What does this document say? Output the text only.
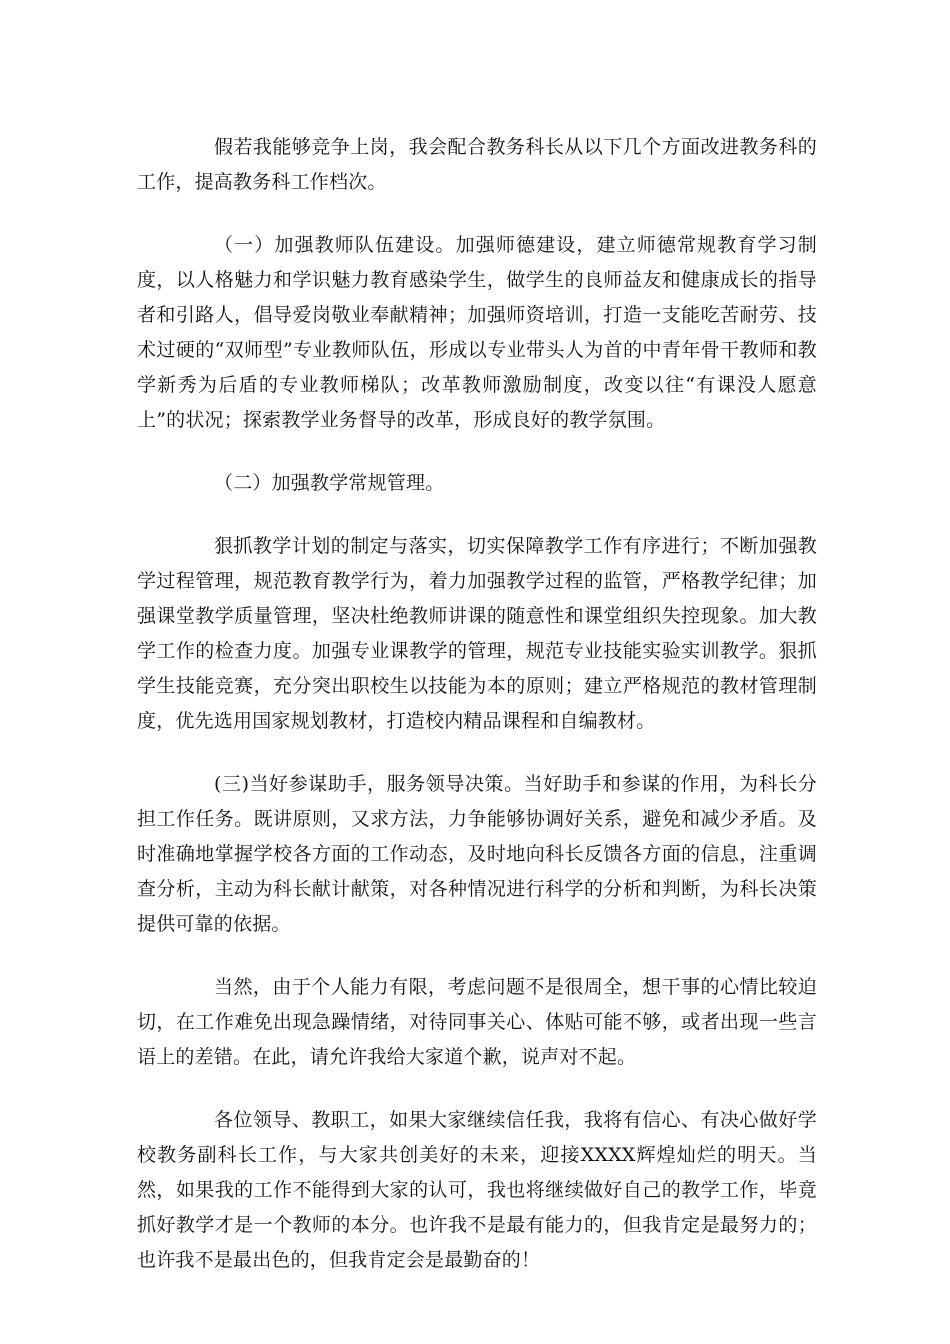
假若我能够竞争上岗，我会配合教务科长从以下几个方面改进教务科的工作，提高教务科工作档次。

（一）加强教师队伍建设。加强师德建设，建立师德常规教育学习制度，以人格魅力和学识魅力教育感染学生，做学生的良师益友和健康成长的指导者和引路人，倡导爱岗敬业奉献精神；加强师资培训，打造一支能吃苦耐劳、技术过硬的“双师型”专业教师队伍，形成以专业带头人为首的中青年骨干教师和教学新秀为后盾的专业教师梯队；改革教师激励制度，改变以往“有课没人愿意上”的状况；探索教学业务督导的改革，形成良好的教学氛围。

（二）加强教学常规管理。

狠抓教学计划的制定与落实，切实保障教学工作有序进行；不断加强教学过程管理，规范教育教学行为，着力加强教学过程的监管，严格教学纪律；加强课堂教学质量管理，坚决杜绝教师讲课的随意性和课堂组织失控现象。加大教学工作的检查力度。加强专业课教学的管理，规范专业技能实验实训教学。狠抓学生技能竞赛，充分突出职校生以技能为本的原则；建立严格规范的教材管理制度，优先选用国家规划教材，打造校内精品课程和自编教材。

(三)当好参谋助手，服务领导决策。当好助手和参谋的作用，为科长分担工作任务。既讲原则，又求方法，力争能够协调好关系，避免和减少矛盾。及时准确地掌握学校各方面的工作动态，及时地向科长反馈各方面的信息，注重调查分析，主动为科长献计献策，对各种情况进行科学的分析和判断，为科长决策提供可靠的依据。

当然，由于个人能力有限，考虑问题不是很周全，想干事的心情比较迫切，在工作难免出现急躁情绪，对待同事关心、体贴可能不够，或者出现一些言语上的差错。在此，请允许我给大家道个歉，说声对不起。

各位领导、教职工，如果大家继续信任我，我将有信心、有决心做好学校教务副科长工作，与大家共创美好的未来，迎接XXXX辉煌灿烂的明天。当然，如果我的工作不能得到大家的认可，我也将继续做好自己的教学工作，毕竟抓好教学才是一个教师的本分。也许我不是最有能力的，但我肯定是最努力的；也许我不是最出色的，但我肯定会是最勤奋的！
